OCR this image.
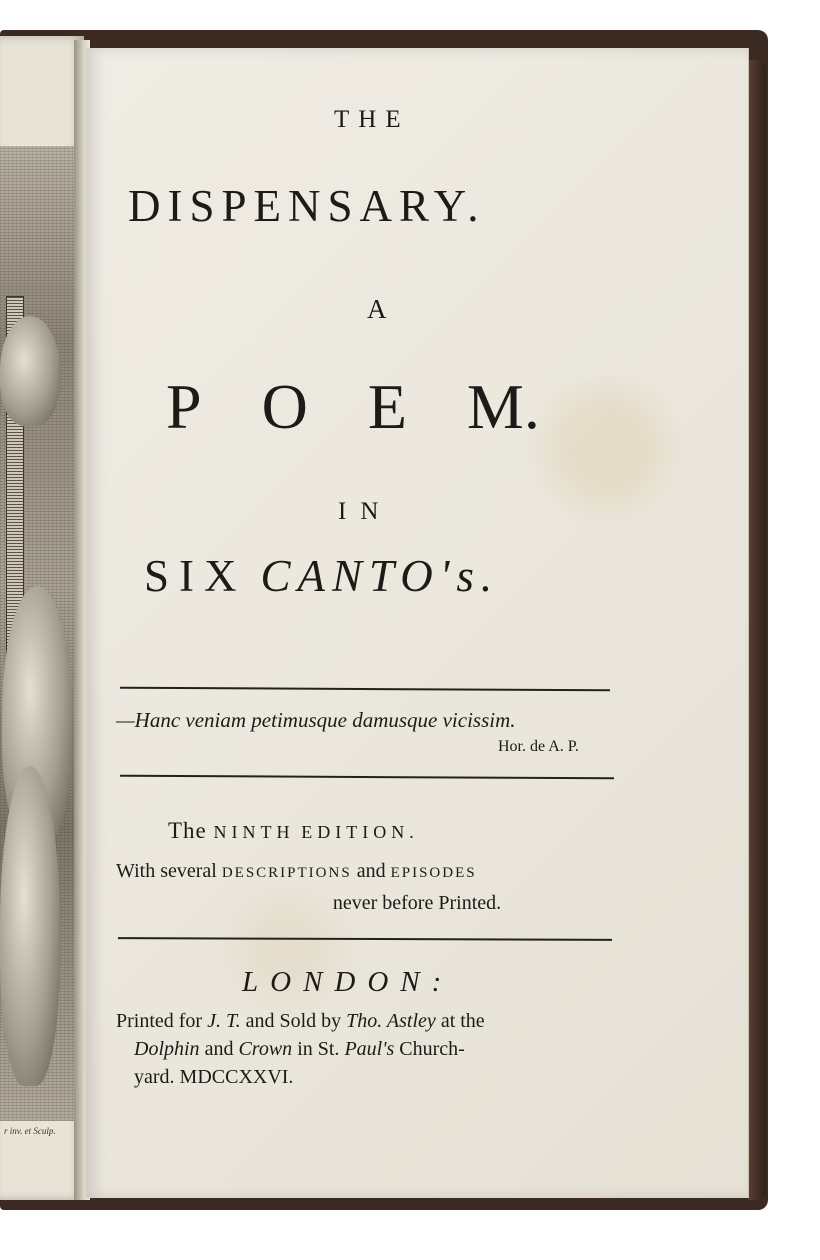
r inv. et Sculp.
THE
DISPENSARY.
A
P O E M.
IN
SIX CANTO's.
—Hanc veniam petimusque damusque vicissim.
Hor. de A. P.
The NINTH EDITION.
With several DESCRIPTIONS and EPISODES
never before Printed.
LONDON:
Printed for J. T. and Sold by Tho. Astley at the
Dolphin and Crown in St. Paul's Church-
yard. MDCCXXVI.
